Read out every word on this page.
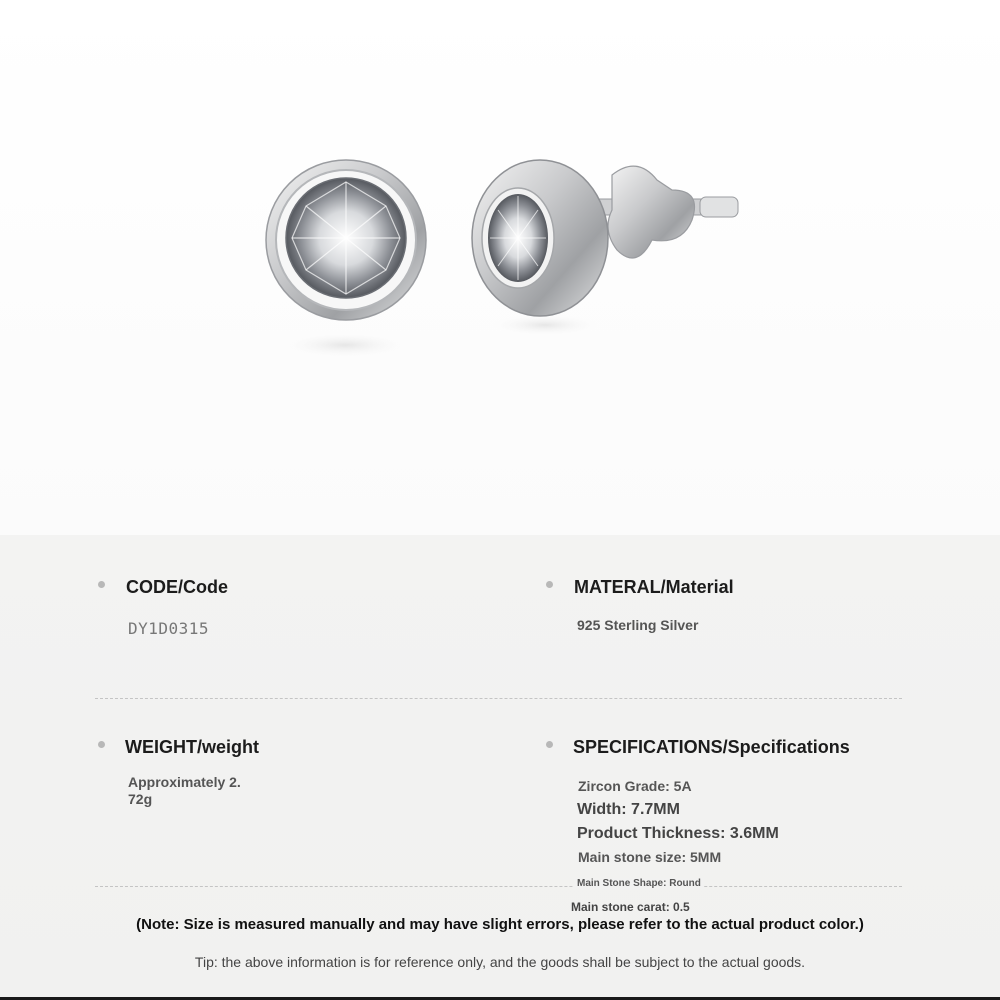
CODE/Code
DY1D0315
MATERAL/Material
925 Sterling Silver
WEIGHT/weight
Approximately 2.
72g
SPECIFICATIONS/Specifications
Zircon Grade: 5A
Width: 7.7MM
Product Thickness: 3.6MM
Main stone size: 5MM
Main Stone Shape: Round
Main stone carat: 0.5
(Note: Size is measured manually and may have slight errors, please refer to the actual product color.)
Tip: the above information is for reference only, and the goods shall be subject to the actual goods.
